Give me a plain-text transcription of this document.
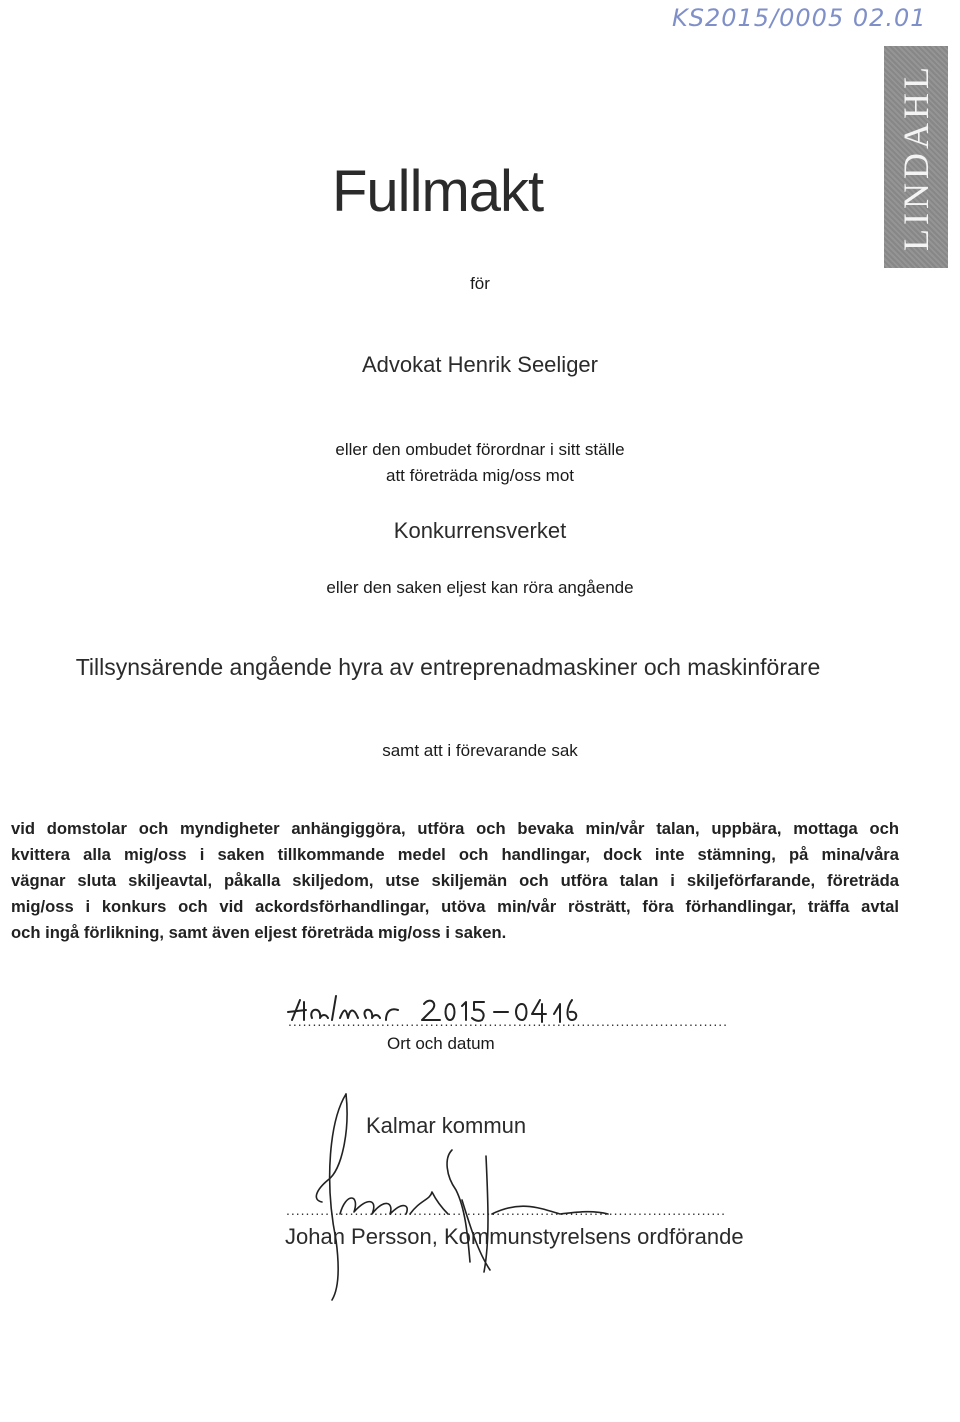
KS2015/0005 02.01
LINDAHL
Fullmakt
för
Advokat Henrik Seeliger
eller den ombudet förordnar i sitt ställe
att företräda mig/oss mot
Konkurrensverket
eller den saken eljest kan röra angående
Tillsynsärende angående hyra av entreprenadmaskiner och maskinförare
samt att i förevarande sak
vid domstolar och myndigheter anhängiggöra, utföra och bevaka min/vår talan, uppbära, mottaga och
kvittera alla mig/oss i saken tillkommande medel och handlingar, dock inte stämning, på mina/våra
vägnar sluta skiljeavtal, påkalla skiljedom, utse skiljemän och utföra talan i skiljeförfarande, företräda
mig/oss i konkurs och vid ackordsförhandlingar, utöva min/vår rösträtt, föra förhandlingar, träffa avtal
och ingå förlikning, samt även eljest företräda mig/oss i saken.
..........................................................................................
Ort och datum
Kalmar kommun
..........................................................................................
Johan Persson, Kommunstyrelsens ordförande
